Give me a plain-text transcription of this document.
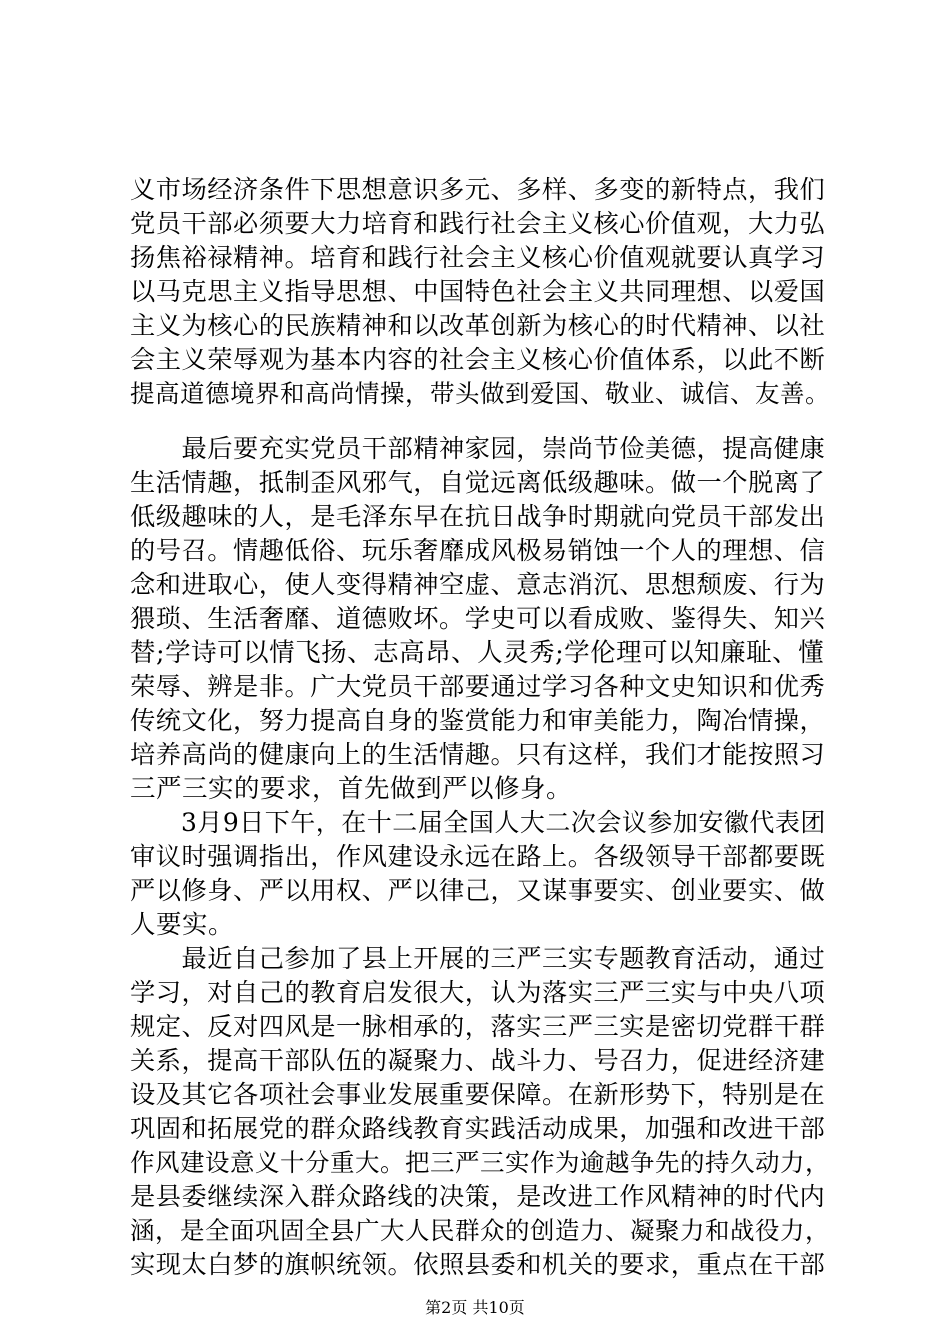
义市场经济条件下思想意识多元、多样、多变的新特点，我们
党员干部必须要大力培育和践行社会主义核心价值观，大力弘
扬焦裕禄精神。培育和践行社会主义核心价值观就要认真学习
以马克思主义指导思想、中国特色社会主义共同理想、以爱国
主义为核心的民族精神和以改革创新为核心的时代精神、以社
会主义荣辱观为基本内容的社会主义核心价值体系，以此不断
提高道德境界和高尚情操，带头做到爱国、敬业、诚信、友善。
　　最后要充实党员干部精神家园，崇尚节俭美德，提高健康
生活情趣，抵制歪风邪气，自觉远离低级趣味。做一个脱离了
低级趣味的人，是毛泽东早在抗日战争时期就向党员干部发出
的号召。情趣低俗、玩乐奢靡成风极易销蚀一个人的理想、信
念和进取心，使人变得精神空虚、意志消沉、思想颓废、行为
猥琐、生活奢靡、道德败坏。学史可以看成败、鉴得失、知兴
替;学诗可以情飞扬、志高昂、人灵秀;学伦理可以知廉耻、懂
荣辱、辨是非。广大党员干部要通过学习各种文史知识和优秀
传统文化，努力提高自身的鉴赏能力和审美能力，陶冶情操，
培养高尚的健康向上的生活情趣。只有这样，我们才能按照习
三严三实的要求，首先做到严以修身。
　　3月9日下午，在十二届全国人大二次会议参加安徽代表团
审议时强调指出，作风建设永远在路上。各级领导干部都要既
严以修身、严以用权、严以律己，又谋事要实、创业要实、做
人要实。
　　最近自己参加了县上开展的三严三实专题教育活动，通过
学习，对自己的教育启发很大，认为落实三严三实与中央八项
规定、反对四风是一脉相承的，落实三严三实是密切党群干群
关系，提高干部队伍的凝聚力、战斗力、号召力，促进经济建
设及其它各项社会事业发展重要保障。在新形势下，特别是在
巩固和拓展党的群众路线教育实践活动成果，加强和改进干部
作风建设意义十分重大。把三严三实作为逾越争先的持久动力，
是县委继续深入群众路线的决策，是改进工作风精神的时代内
涵，是全面巩固全县广大人民群众的创造力、凝聚力和战役力，
实现太白梦的旗帜统领。依照县委和机关的要求，重点在干部
第2页 共10页
